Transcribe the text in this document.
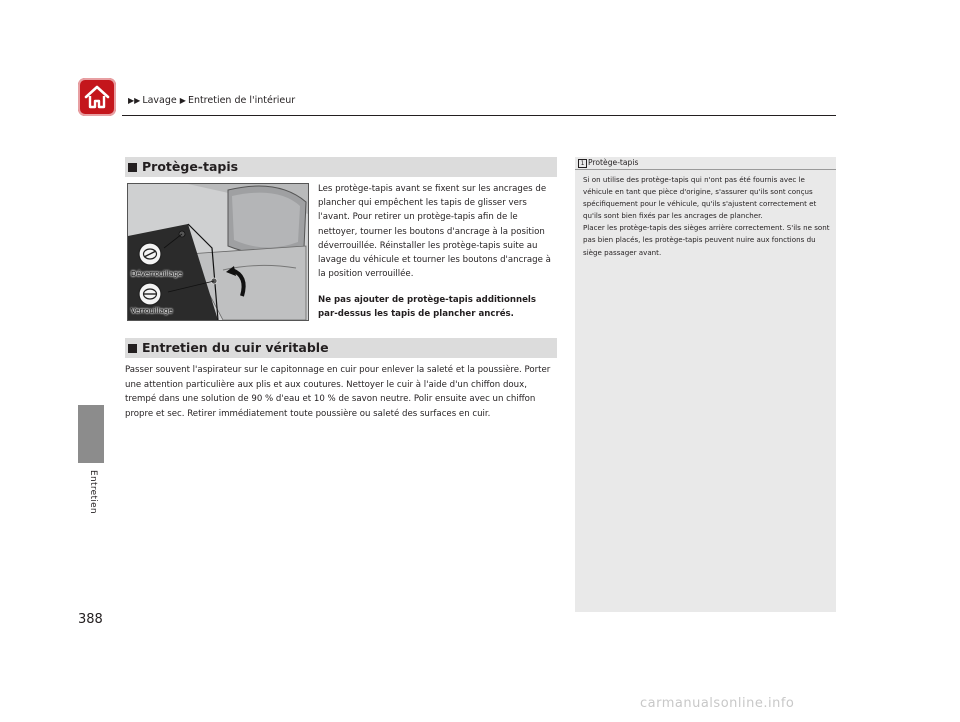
▶▶ Lavage ▶ Entretien de l'intérieur
Entretien
388
Protège-tapis
Déverrouillage
Verrouillage
Les protège-tapis avant se fixent sur les ancrages de plancher qui empêchent les tapis de glisser vers l'avant. Pour retirer un protège-tapis afin de le nettoyer, tourner les boutons d'ancrage à la position déverrouillée. Réinstaller les protège-tapis suite au lavage du véhicule et tourner les boutons d'ancrage à la position verrouillée.
Ne pas ajouter de protège-tapis additionnels par-dessus les tapis de plancher ancrés.
Entretien du cuir véritable
Passer souvent l'aspirateur sur le capitonnage en cuir pour enlever la saleté et la poussière. Porter une attention particulière aux plis et aux coutures. Nettoyer le cuir à l'aide d'un chiffon doux, trempé dans une solution de 90 % d'eau et 10 % de savon neutre. Polir ensuite avec un chiffon propre et sec. Retirer immédiatement toute poussière ou saleté des surfaces en cuir.
1 Protège-tapis

Si on utilise des protège-tapis qui n'ont pas été fournis avec le véhicule en tant que pièce d'origine, s'assurer qu'ils sont conçus spécifiquement pour le véhicule, qu'ils s'ajustent correctement et qu'ils sont bien fixés par les ancrages de plancher.

Placer les protège-tapis des sièges arrière correctement. S'ils ne sont pas bien placés, les protège-tapis peuvent nuire aux fonctions du siège passager avant.

carmanualsonline.info
